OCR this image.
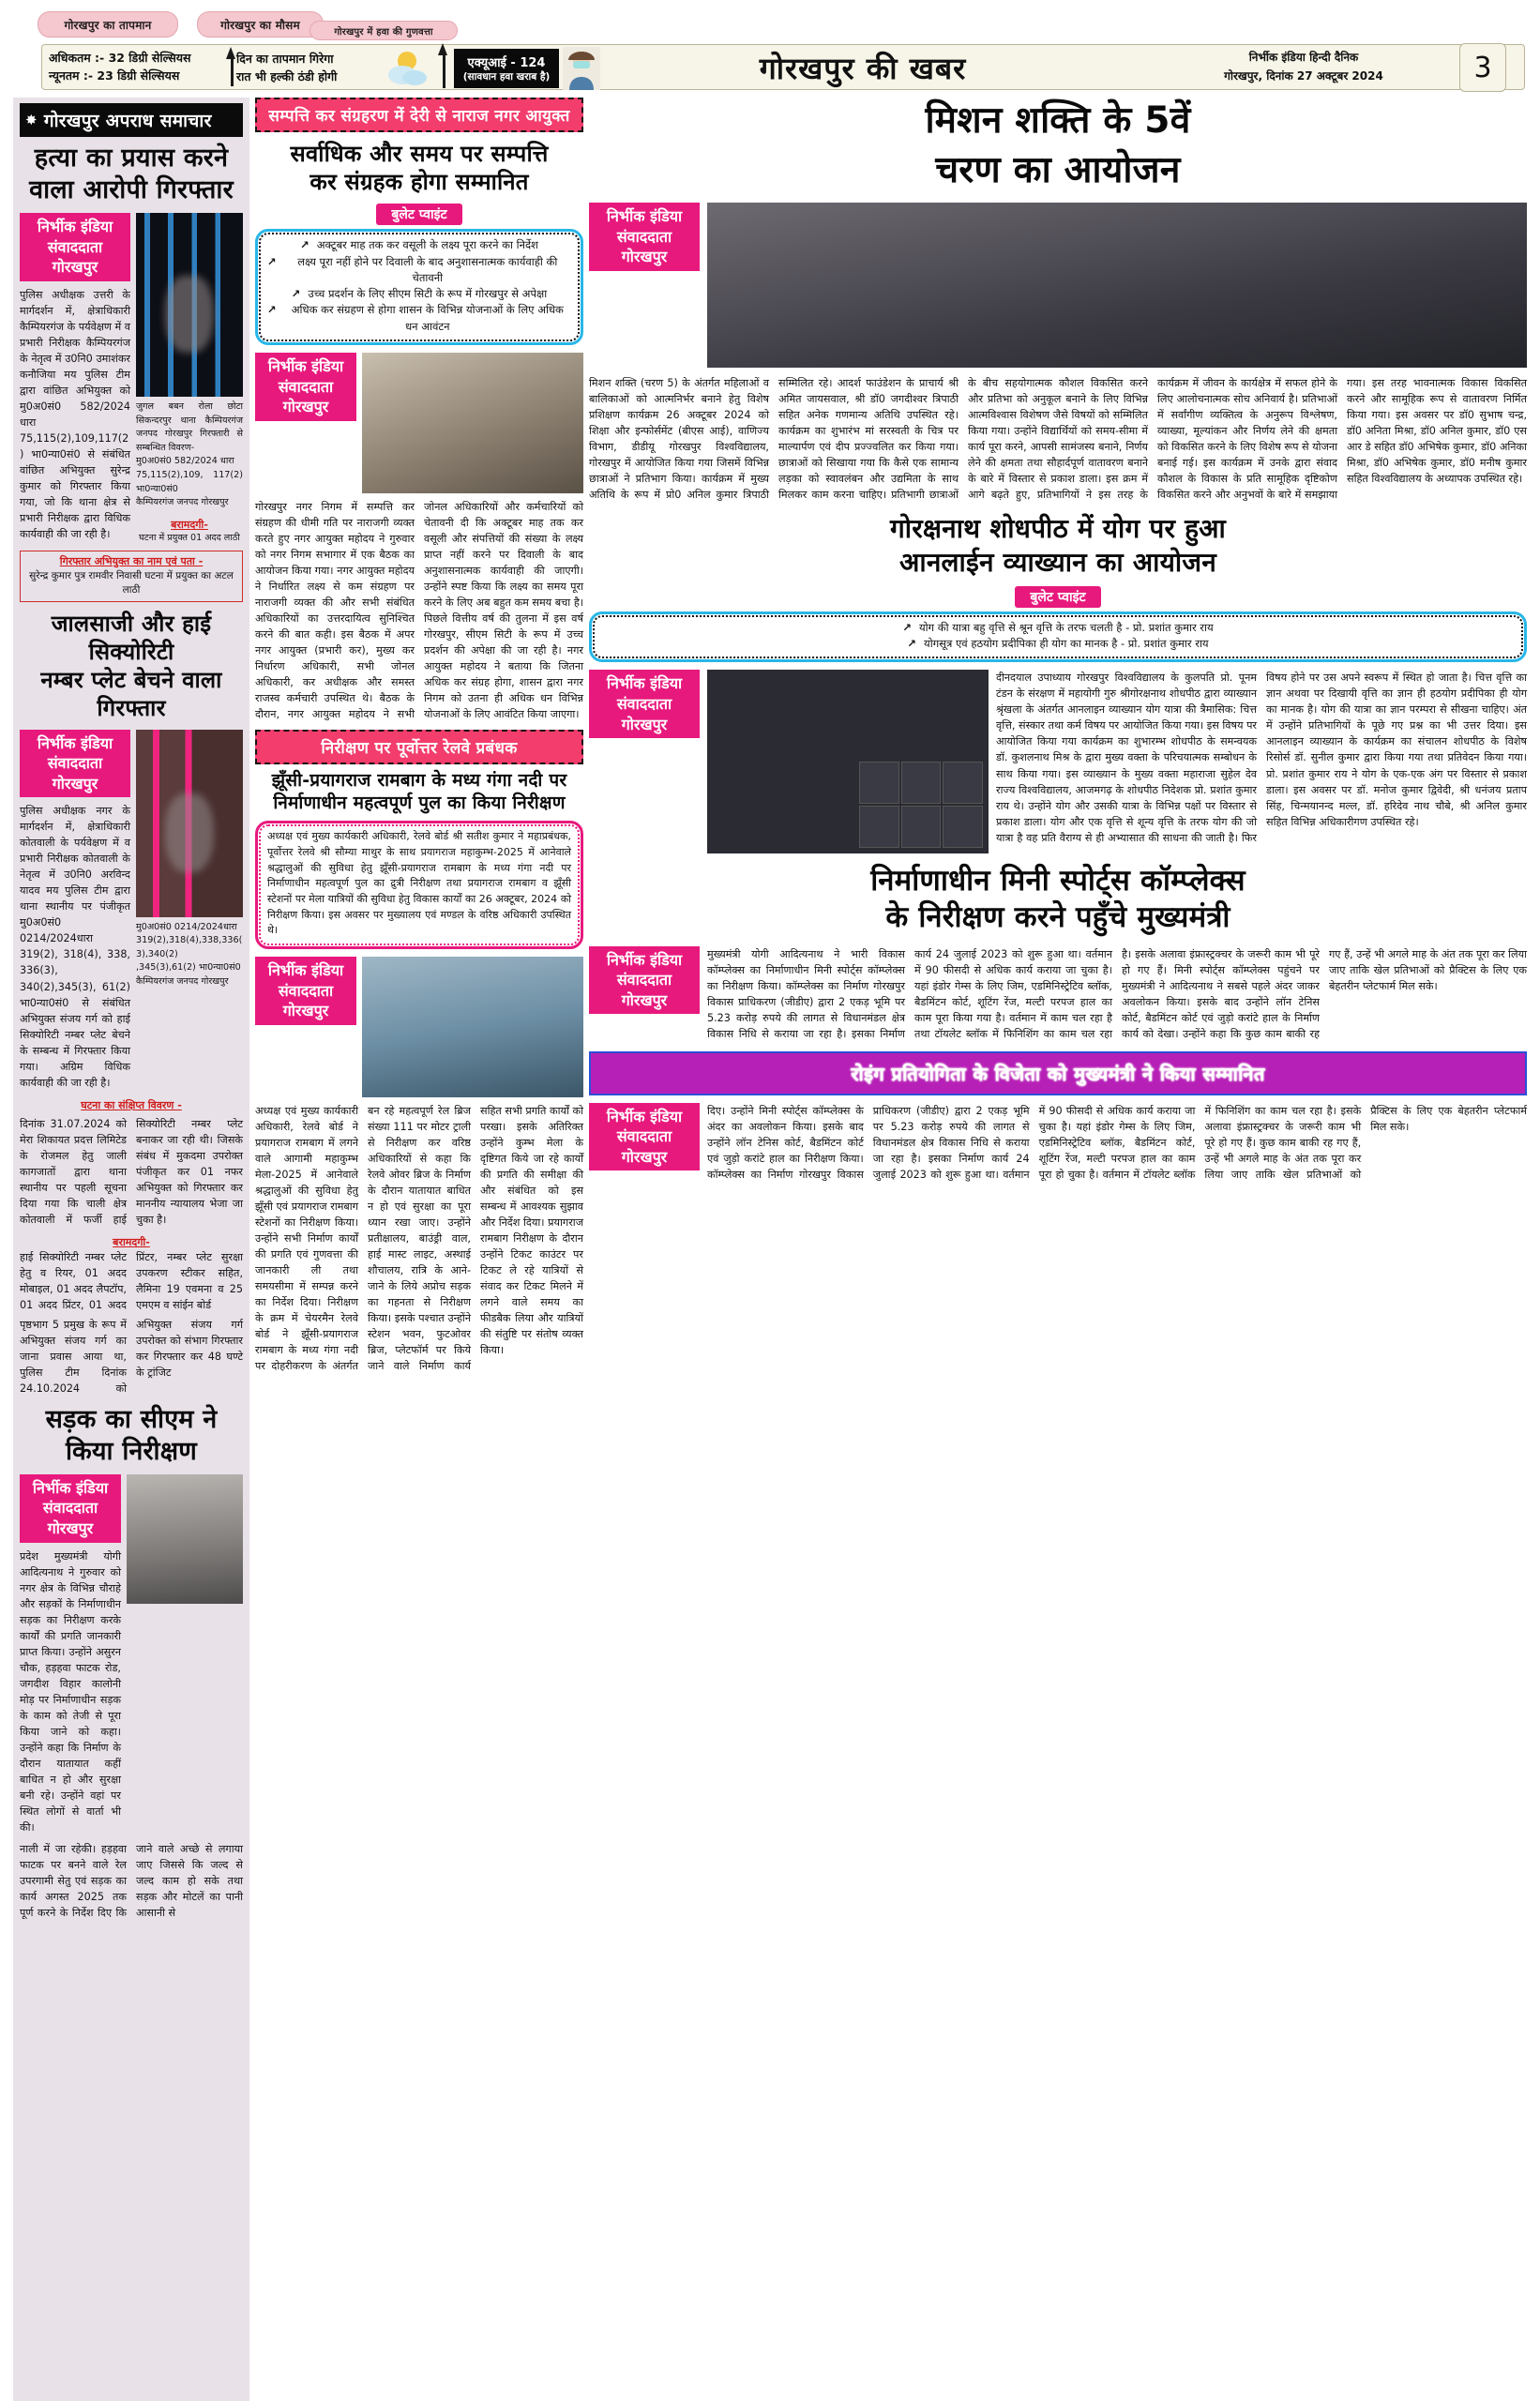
गोरखपुर का तापमान	गोरखपुर का मौसम
गोरखपुर में हवा की गुणवत्ता
अधिकतम :- 32 डिग्री सेल्सियस
न्यूनतम :- 23 डिग्री सेल्सियस
दिन का तापमान गिरेगा
रात भी हल्की ठंडी होगी
एक्यूआई - 124
(सावधान हवा खराब है)	गोरखपुर की खबर	निर्भीक इंडिया हिन्दी दैनिक
गोरखपुर, दिनांक 27 अक्टूबर 2024	3
✸ गोरखपुर अपराध समाचार
हत्या का प्रयास करने
वाला आरोपी गिरफ्तार
निर्भीक इंडिया
संवाददाता गोरखपुर
पुलिस अधीक्षक उत्तरी के मार्गदर्शन में, क्षेत्राधिकारी कैम्पियरगंज के पर्यवेक्षण में व प्रभारी निरीक्षक कैम्पियरगंज के नेतृत्व में उ0नि0 उमाशंकर कनौजिया मय पुलिस टीम द्वारा वांछित अभियुक्त को मु0अ0सं0 582/2024 धारा 75,115(2),109,117(2) भा0न्या0सं0 से संबंधित वांछित अभियुक्त सुरेन्द्र कुमार को गिरफ्तार किया गया, जो कि थाना क्षेत्र से प्रभारी निरीक्षक द्वारा विधिक कार्यवाही की जा रही है।
जुगल बबन रोला छोटा सिकन्दरपुर थाना कैम्पियरगंज जनपद गोरखपुर गिरफ्तारी से सम्बन्धित विवरण-
मु0अ0सं0 582/2024 धारा
75,115(2),109, 117(2) भा0न्या0सं0
कैम्पियरगंज जनपद गोरखपुर
बरामदगी-
घटना में प्रयुक्त 01 अदद लाठी
गिरफ्तार अभियुक्त का नाम एवं पता -
सुरेन्द्र कुमार पुत्र रामवीर निवासी घटना में प्रयुक्त का अटल लाठी
जालसाजी और हाई सिक्योरिटी
नम्बर प्लेट बेचने वाला गिरफ्तार
निर्भीक इंडिया
संवाददाता गोरखपुर
पुलिस अधीक्षक नगर के मार्गदर्शन में, क्षेत्राधिकारी कोतवाली के पर्यवेक्षण में व प्रभारी निरीक्षक कोतवाली के नेतृत्व में उ0नि0 अरविन्द यादव मय पुलिस टीम द्वारा थाना स्थानीय पर पंजीकृत मु0अ0सं0 0214/2024धारा 319(2), 318(4), 338, 336(3), 340(2),345(3), 61(2) भा0न्या0सं0 से संबंधित अभियुक्त संजय गर्ग को हाई सिक्योरिटी नम्बर प्लेट बेचने के सम्बन्ध में गिरफ्तार किया गया। अग्रिम विधिक कार्यवाही की जा रही है।
मु0अ0सं0 0214/2024धारा
319(2),318(4),338,336(3),340(2)
,345(3),61(2) भा0न्या0सं0
कैम्पियरगंज जनपद गोरखपुर
घटना का संक्षिप्त विवरण -
दिनांक 31.07.2024 को मेरा शिकायत प्रदत्त लिमिटेड के रोजमल हेतु जाली कागजातों द्वारा थाना स्थानीय पर पहली सूचना दिया गया कि चाली क्षेत्र कोतवाली में फर्जी हाई सिक्योरिटी नम्बर प्लेट बनाकर जा रही थी। जिसके संबंध में मुकदमा उपरोक्त पंजीकृत कर 01 नफर अभियुक्त को गिरफ्तार कर माननीय न्यायालय भेजा जा चुका है।
बरामदगी-
हाई सिक्योरिटी नम्बर प्लेट हेतु व रियर, 01 अदद मोबाइल, 01 अदद लैपटॉप, 01 अदद प्रिंटर, 01 अदद प्रिंटर, नम्बर प्लेट सुरक्षा उपकरण स्टीकर सहित, लैमिना 19 एवमना व 25 एमएम व सांईन बोर्ड
पृष्ठभाग 5 प्रमुख के रूप में अभियुक्त संजय गर्ग का जाना प्रवास आया था, पुलिस टीम दिनांक 24.10.2024 को अभियुक्त संजय गर्ग उपरोक्त को संभाग गिरफ्तार कर गिरफ्तार कर 48 घण्टे के ट्रांजिट
सड़क का सीएम ने
किया निरीक्षण
निर्भीक इंडिया
संवाददाता गोरखपुर
प्रदेश मुख्यमंत्री योगी आदित्यनाथ ने गुरुवार को नगर क्षेत्र के विभिन्न चौराहे और सड़कों के निर्माणाधीन सड़क का निरीक्षण करके कार्यों की प्रगति जानकारी प्राप्त किया। उन्होंने असुरन चौक, हड़हवा फाटक रोड, जगदीश विहार कालोनी मोड़ पर निर्माणाधीन सड़क के काम को तेजी से पूरा किया जाने को कहा। उन्होंने कहा कि निर्माण के दौरान यातायात कहीं बाधित न हो और सुरक्षा बनी रहे। उन्होंने वहां पर स्थित लोगों से वार्ता भी की।
नाली में जा रहेकी। हड़हवा फाटक पर बनने वाले रेल उपरगामी सेतु एवं सड़क का कार्य अगस्त 2025 तक पूर्ण करने के निर्देश दिए कि जाने वाले अच्छे से लगाया जाए जिससे कि जल्द से जल्द काम हो सके तथा सड़क और मोटलें का पानी आसानी से
सम्पत्ति कर संग्रहरण में देरी से नाराज नगर आयुक्त
सर्वाधिक और समय पर सम्पत्ति
कर संग्रहक होगा सम्मानित
बुलेट प्वाइंट
↗ अक्टूबर माह तक कर वसूली के लक्ष्य पूरा करने का निर्देश
↗	लक्ष्य पूरा नहीं होने पर दिवाली के बाद अनुशासनात्मक कार्यवाही की चेतावनी
↗ उच्च प्रदर्शन के लिए सीएम सिटी के रूप में गोरखपुर से अपेक्षा
↗	अधिक कर संग्रहण से होगा शासन के विभिन्न योजनाओं के लिए अधिक धन आवंटन
निर्भीक इंडिया
संवाददाता गोरखपुर
गोरखपुर नगर निगम में सम्पत्ति कर संग्रहण की धीमी गति पर नाराजगी व्यक्त करते हुए नगर आयुक्त महोदय ने गुरुवार को नगर निगम सभागार में एक बैठक का आयोजन किया गया। नगर आयुक्त महोदय ने निर्धारित लक्ष्य से कम संग्रहण पर नाराजगी व्यक्त की और सभी संबंधित अधिकारियों का उत्तरदायित्व सुनिश्चित करने की बात कही। इस बैठक में अपर नगर आयुक्त (प्रभारी कर), मुख्य कर निर्धारण अधिकारी, सभी जोनल अधिकारी, कर अधीक्षक और समस्त राजस्व कर्मचारी उपस्थित थे। बैठक के दौरान, नगर आयुक्त महोदय ने सभी जोनल अधिकारियों और कर्मचारियों को चेतावनी दी कि अक्टूबर माह तक कर वसूली और संपत्तियों की संख्या के लक्ष्य प्राप्त नहीं करने पर दिवाली के बाद अनुशासनात्मक कार्यवाही की जाएगी। उन्होंने स्पष्ट किया कि लक्ष्य का समय पूरा करने के लिए अब बहुत कम समय बचा है। पिछले वित्तीय वर्ष की तुलना में इस वर्ष गोरखपुर, सीएम सिटी के रूप में उच्च प्रदर्शन की अपेक्षा की जा रही है। नगर आयुक्त महोदय ने बताया कि जितना अधिक कर संग्रह होगा, शासन द्वारा नगर निगम को उतना ही अधिक धन विभिन्न योजनाओं के लिए आवंटित किया जाएगा।
निरीक्षण पर पूर्वोत्तर रेलवे प्रबंधक
झूँसी-प्रयागराज रामबाग के मध्य गंगा नदी पर
निर्माणाधीन महत्वपूर्ण पुल का किया निरीक्षण
अध्यक्ष एवं मुख्य कार्यकारी अधिकारी, रेलवे बोर्ड श्री सतीश कुमार ने महाप्रबंधक, पूर्वोत्तर रेलवे श्री सौम्या माथुर के साथ प्रयागराज महाकुम्भ-2025 में आनेवाले श्रद्धालुओं की सुविधा हेतु झूँसी-प्रयागराज रामबाग के मध्य गंगा नदी पर निर्माणाधीन महत्वपूर्ण पुल का द्रुत्री निरीक्षण तथा प्रयागराज रामबाग व झूँसी स्टेशनों पर मेला यात्रियों की सुविधा हेतु विकास कार्यों का 26 अक्टूबर, 2024 को निरीक्षण किया। इस अवसर पर मुख्यालय एवं मण्डल के वरिष्ठ अधिकारी उपस्थित थे।
निर्भीक इंडिया
संवाददाता गोरखपुर
अध्यक्ष एवं मुख्य कार्यकारी अधिकारी, रेलवे बोर्ड ने प्रयागराज रामबाग में लगने वाले आगामी महाकुम्भ मेला-2025 में आनेवाले श्रद्धालुओं की सुविधा हेतु झूँसी एवं प्रयागराज रामबाग स्टेशनों का निरीक्षण किया। उन्होंने सभी निर्माण कार्यों की प्रगति एवं गुणवत्ता की जानकारी ली तथा समयसीमा में सम्पन्न करने का निर्देश दिया। निरीक्षण के क्रम में चेयरमैन रेलवे बोर्ड ने झूँसी-प्रयागराज रामबाग के मध्य गंगा नदी पर दोहरीकरण के अंतर्गत बन रहे महत्वपूर्ण रेल ब्रिज संख्या 111 पर मोटर ट्राली से निरीक्षण कर वरिष्ठ अधिकारियों से कहा कि रेलवे ओवर ब्रिज के निर्माण के दौरान यातायात बाधित न हो एवं सुरक्षा का पूरा ध्यान रखा जाए। उन्होंने प्रतीक्षालय, बाउंड्री वाल, हाई मास्ट लाइट, अस्थाई शौचालय, रात्रि के आने-जाने के लिये अप्रोच सड़क का गहनता से निरीक्षण किया। इसके पश्चात उन्होंने स्टेशन भवन, फुटओवर ब्रिज, प्लेटफॉर्म पर किये जाने वाले निर्माण कार्य सहित सभी प्रगति कार्यों को परखा। इसके अतिरिक्त उन्होंने कुम्भ मेला के दृष्टिगत किये जा रहे कार्यों की प्रगति की समीक्षा की और संबंधित को इस सम्बन्ध में आवश्यक सुझाव और निर्देश दिया। प्रयागराज रामबाग निरीक्षण के दौरान उन्होंने टिकट काउंटर पर टिकट ले रहे यात्रियों से संवाद कर टिकट मिलने में लगने वाले समय का फीडबैक लिया और यात्रियों की संतुष्टि पर संतोष व्यक्त किया।
मिशन शक्ति के 5वें
चरण का आयोजन
निर्भीक इंडिया
संवाददाता गोरखपुर
मिशन शक्ति (चरण 5) के अंतर्गत महिलाओं व बालिकाओं को आत्मनिर्भर बनाने हेतु विशेष प्रशिक्षण कार्यक्रम 26 अक्टूबर 2024 को शिक्षा और इन्फोर्समेंट (बीएस आई), वाणिज्य विभाग, डीडीयू गोरखपुर विश्वविद्यालय, गोरखपुर में आयोजित किया गया जिसमें विभिन्न छात्राओं ने प्रतिभाग किया। कार्यक्रम में मुख्य अतिथि के रूप में प्रो0 अनिल कुमार त्रिपाठी सम्मिलित रहे। आदर्श फाउंडेशन के प्राचार्य श्री अमित जायसवाल, श्री डॉ0 जगदीश्वर त्रिपाठी सहित अनेक गणमान्य अतिथि उपस्थित रहे। कार्यक्रम का शुभारंभ मां सरस्वती के चित्र पर माल्यार्पण एवं दीप प्रज्ज्वलित कर किया गया। छात्राओं को सिखाया गया कि कैसे एक सामान्य लड़का को स्वावलंबन और उद्यमिता के साथ मिलकर काम करना चाहिए। प्रतिभागी छात्राओं के बीच सहयोगात्मक कौशल विकसित करने और प्रतिभा को अनुकूल बनाने के लिए विभिन्न आत्मविश्वास विशेषण जैसे विषयों को सम्मिलित किया गया। उन्होंने विद्यार्थियों को समय-सीमा में कार्य पूरा करने, आपसी सामंजस्य बनाने, निर्णय लेने की क्षमता तथा सौहार्दपूर्ण वातावरण बनाने के बारे में विस्तार से प्रकाश डाला। इस क्रम में आगे बढ़ते हुए, प्रतिभागियों ने इस तरह के कार्यक्रम में जीवन के कार्यक्षेत्र में सफल होने के लिए आलोचनात्मक सोच अनिवार्य है। प्रतिभाओं में सर्वांगीण व्यक्तित्व के अनुरूप विश्लेषण, व्याख्या, मूल्यांकन और निर्णय लेने की क्षमता को विकसित करने के लिए विशेष रूप से योजना बनाई गई। इस कार्यक्रम में उनके द्वारा संवाद कौशल के विकास के प्रति सामूहिक दृष्टिकोण विकसित करने और अनुभवों के बारे में समझाया गया। इस तरह भावनात्मक विकास विकसित करने और सामूहिक रूप से वातावरण निर्मित किया गया। इस अवसर पर डॉ0 सुभाष चन्द्र, डॉ0 अनिता मिश्रा, डॉ0 अनिल कुमार, डॉ0 एस आर डे सहित डॉ0 अभिषेक कुमार, डॉ0 अनिका मिश्रा, डॉ0 अभिषेक कुमार, डॉ0 मनीष कुमार सहित विश्वविद्यालय के अध्यापक उपस्थित रहे।
गोरक्षनाथ शोधपीठ में योग पर हुआ
आनलाईन व्याख्यान का आयोजन
बुलेट प्वाइंट
↗ योग की यात्रा बहु वृत्ति से श्रून वृत्ति के तरफ चलती है - प्रो. प्रशांत कुमार राय
↗ योगसूत्र एवं हठयोग प्रदीपिका ही योग का मानक है - प्रो. प्रशांत कुमार राय
निर्भीक इंडिया
संवाददाता गोरखपुर
दीनदयाल उपाध्याय गोरखपुर विश्वविद्यालय के कुलपति प्रो. पूनम टंडन के संरक्षण में महायोगी गुरु श्रीगोरक्षनाथ शोधपीठ द्वारा व्याख्यान श्रृंखला के अंतर्गत आनलाइन व्याख्यान योग यात्रा की त्रैमासिक: चित्त वृत्ति, संस्कार तथा कर्म विषय पर आयोजित किया गया। इस विषय पर आयोजित किया गया कार्यक्रम का शुभारम्भ शोधपीठ के समन्वयक डॉ. कुशलनाथ मिश्र के द्वारा मुख्य वक्ता के परिचयात्मक सम्बोधन के साथ किया गया। इस व्याख्यान के मुख्य वक्ता महाराजा सुहेल देव राज्य विश्वविद्यालय, आजमगढ़ के शोधपीठ निदेशक प्रो. प्रशांत कुमार राय थे। उन्होंने योग और उसकी यात्रा के विभिन्न पक्षों पर विस्तार से प्रकाश डाला। योग और एक वृत्ति से शून्य वृत्ति के तरफ योग की जो यात्रा है वह प्रति वैराग्य से ही अभ्यासात की साधना की जाती है। फिर विषय होने पर उस अपने स्वरूप में स्थित हो जाता है। चित्त वृत्ति का ज्ञान अथवा पर दिखायी वृत्ति का ज्ञान ही हठयोग प्रदीपिका ही योग का मानक है। योग की यात्रा का ज्ञान परम्परा से सीखना चाहिए। अंत में उन्होंने प्रतिभागियों के पूछे गए प्रश्न का भी उत्तर दिया। इस आनलाइन व्याख्यान के कार्यक्रम का संचालन शोधपीठ के विशेष रिसोर्स डॉ. सुनील कुमार द्वारा किया गया तथा प्रतिवेदन किया गया। प्रो. प्रशांत कुमार राय ने योग के एक-एक अंग पर विस्तार से प्रकाश डाला। इस अवसर पर डॉ. मनोज कुमार द्विवेदी, श्री धनंजय प्रताप सिंह, चिन्मयानन्द मल्ल, डॉ. हरिदेव नाथ चौबे, श्री अनिल कुमार सहित विभिन्न अधिकारीगण उपस्थित रहे।
निर्माणाधीन मिनी स्पोर्ट्स कॉम्प्लेक्स
के निरीक्षण करने पहुँचे मुख्यमंत्री
निर्भीक इंडिया
संवाददाता गोरखपुर
मुख्यमंत्री योगी आदित्यनाथ ने भारी विकास कॉम्प्लेक्स का निर्माणाधीन मिनी स्पोर्ट्स कॉम्प्लेक्स का निरीक्षण किया। कॉम्प्लेक्स का निर्माण गोरखपुर विकास प्राधिकरण (जीडीए) द्वारा 2 एकड़ भूमि पर 5.23 करोड़ रुपये की लागत से विधानमंडल क्षेत्र विकास निधि से कराया जा रहा है। इसका निर्माण कार्य 24 जुलाई 2023 को शुरू हुआ था। वर्तमान में 90 फीसदी से अधिक कार्य कराया जा चुका है। यहां इंडोर गेम्स के लिए जिम, एडमिनिस्ट्रेटिव ब्लॉक, बैडमिंटन कोर्ट, शूटिंग रेंज, मल्टी परपज हाल का काम पूरा किया गया है। वर्तमान में काम चल रहा है तथा टॉयलेट ब्लॉक में फिनिशिंग का काम चल रहा है। इसके अलावा इंफ्रास्ट्रक्चर के जरूरी काम भी पूरे हो गए हैं। मिनी स्पोर्ट्स कॉम्प्लेक्स पहुंचने पर मुख्यमंत्री ने आदित्यनाथ ने सबसे पहले अंदर जाकर अवलोकन किया। इसके बाद उन्होंने लॉन टेनिस कोर्ट, बैडमिंटन कोर्ट एवं जुड़ो करांटे हाल के निर्माण कार्य को देखा। उन्होंने कहा कि कुछ काम बाकी रह गए हैं, उन्हें भी अगले माह के अंत तक पूरा कर लिया जाए ताकि खेल प्रतिभाओं को प्रैक्टिस के लिए एक बेहतरीन प्लेटफार्म मिल सके।
रोइंग प्रतियोगिता के विजेता को मुख्यमंत्री ने किया सम्मानित
निर्भीक इंडिया
संवाददाता गोरखपुर
दिए। उन्होंने मिनी स्पोर्ट्स कॉम्प्लेक्स के अंदर का अवलोकन किया। इसके बाद उन्होंने लॉन टेनिस कोर्ट, बैडमिंटन कोर्ट एवं जुड़ो करांटे हाल का निरीक्षण किया। कॉम्प्लेक्स का निर्माण गोरखपुर विकास प्राधिकरण (जीडीए) द्वारा 2 एकड़ भूमि पर 5.23 करोड़ रुपये की लागत से विधानमंडल क्षेत्र विकास निधि से कराया जा रहा है। इसका निर्माण कार्य 24 जुलाई 2023 को शुरू हुआ था। वर्तमान में 90 फीसदी से अधिक कार्य कराया जा चुका है। यहां इंडोर गेम्स के लिए जिम, एडमिनिस्ट्रेटिव ब्लॉक, बैडमिंटन कोर्ट, शूटिंग रेंज, मल्टी परपज हाल का काम पूरा हो चुका है। वर्तमान में टॉयलेट ब्लॉक में फिनिशिंग का काम चल रहा है। इसके अलावा इंफ्रास्ट्रक्चर के जरूरी काम भी पूरे हो गए हैं। कुछ काम बाकी रह गए हैं, उन्हें भी अगले माह के अंत तक पूरा कर लिया जाए ताकि खेल प्रतिभाओं को प्रैक्टिस के लिए एक बेहतरीन प्लेटफार्म मिल सके।
